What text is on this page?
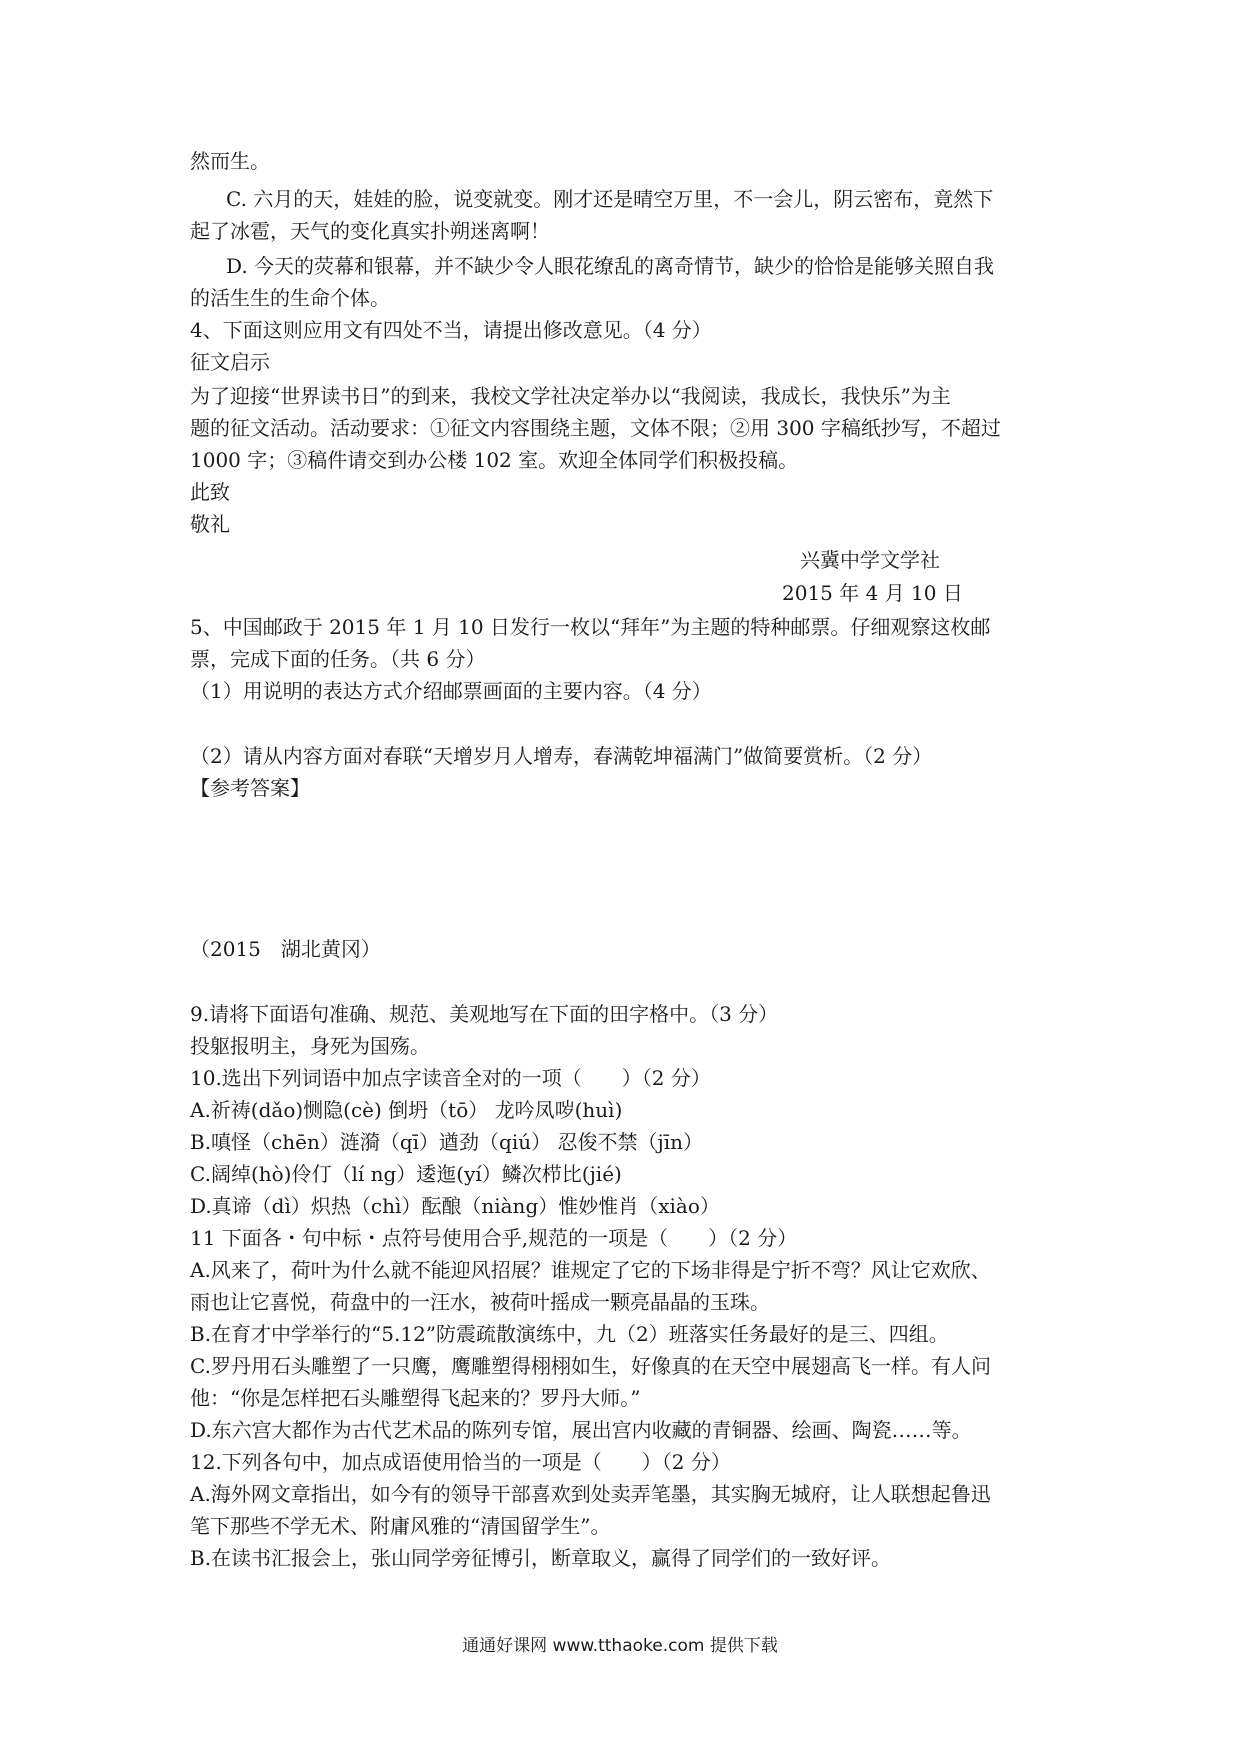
然而生。
C. 六月的天，娃娃的脸，说变就变。刚才还是晴空万里，不一会儿，阴云密布，竟然下
起了冰雹，天气的变化真实扑朔迷离啊！
D. 今天的荧幕和银幕，并不缺少令人眼花缭乱的离奇情节，缺少的恰恰是能够关照自我
的活生生的生命个体。
4、下面这则应用文有四处不当，请提出修改意见。（4 分）
征文启示
为了迎接“世界读书日”的到来，我校文学社决定举办以“我阅读，我成长，我快乐”为主
题的征文活动。活动要求：①征文内容围绕主题，文体不限；②用 300 字稿纸抄写，不超过
1000 字；③稿件请交到办公楼 102 室。欢迎全体同学们积极投稿。
此致
敬礼
兴冀中学文学社
2015 年 4 月 10 日
5、中国邮政于 2015 年 1 月 10 日发行一枚以“拜年”为主题的特种邮票。仔细观察这枚邮
票，完成下面的任务。（共 6 分）
（1）用说明的表达方式介绍邮票画面的主要内容。（4 分）
（2）请从内容方面对春联“天增岁月人增寿，春满乾坤福满门”做简要赏析。（2 分）
【参考答案】
（2015　湖北黄冈）
9.请将下面语句准确、规范、美观地写在下面的田字格中。（3 分）
投躯报明主，身死为国殇。
10.选出下列词语中加点字读音全对的一项（　　）（2 分）
A.祈祷(dǎo)恻隐(cè) 倒坍（tō） 龙吟凤哕(huì)
B.嗔怪（chēn）涟漪（qī）遒劲（qiú） 忍俊不禁（jīn）
C.阔绰(hò)伶仃（lí ng）逶迤(yí）鳞次栉比(jié)
D.真谛（dì）炽热（chì）酝酿（niàng）惟妙惟肖（xiào）
11 下面各・句中标・点符号使用合乎,规范的一项是（　　）（2 分）
A.风来了，荷叶为什么就不能迎风招展？谁规定了它的下场非得是宁折不弯？风让它欢欣、
雨也让它喜悦，荷盘中的一汪水，被荷叶摇成一颗亮晶晶的玉珠。
B.在育才中学举行的“5.12”防震疏散演练中，九（2）班落实任务最好的是三、四组。
C.罗丹用石头雕塑了一只鹰，鹰雕塑得栩栩如生，好像真的在天空中展翅高飞一样。有人问
他：“你是怎样把石头雕塑得飞起来的？罗丹大师。”
D.东六宫大都作为古代艺术品的陈列专馆，展出宫内收藏的青铜器、绘画、陶瓷……等。
12.下列各句中，加点成语使用恰当的一项是（　　）（2 分）
A.海外网文章指出，如今有的领导干部喜欢到处卖弄笔墨，其实胸无城府，让人联想起鲁迅
笔下那些不学无术、附庸风雅的“清国留学生”。
B.在读书汇报会上，张山同学旁征博引，断章取义，赢得了同学们的一致好评。
通通好课网 www.tthaoke.com 提供下载
